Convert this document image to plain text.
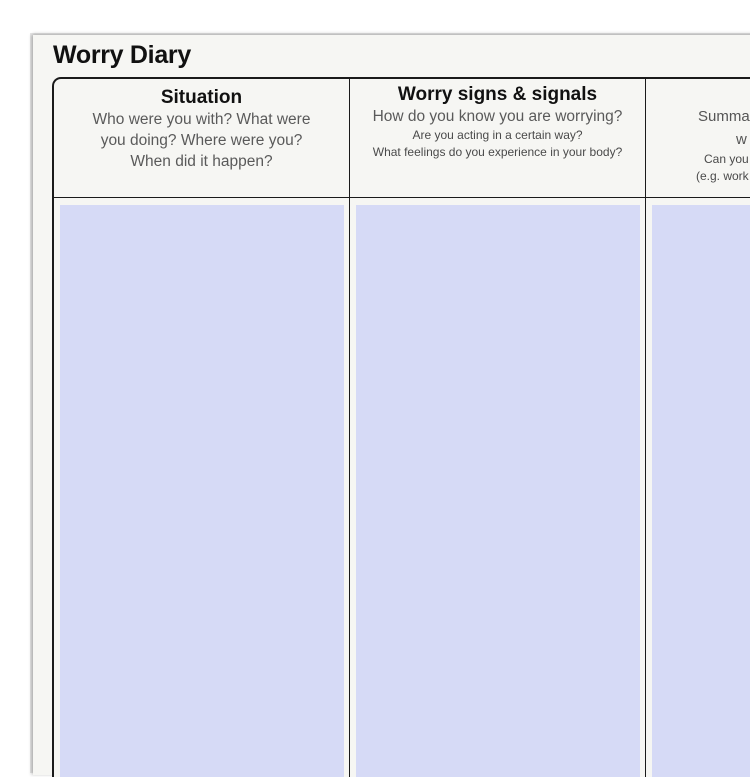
Worry Diary
Situation
Who were you with? What were you doing? Where were you? When did it happen?
Worry signs & signals
How do you know you are worrying?
Are you acting in a certain way?
What feelings do you experience in your body?
Summa
w
Can you
(e.g. work
